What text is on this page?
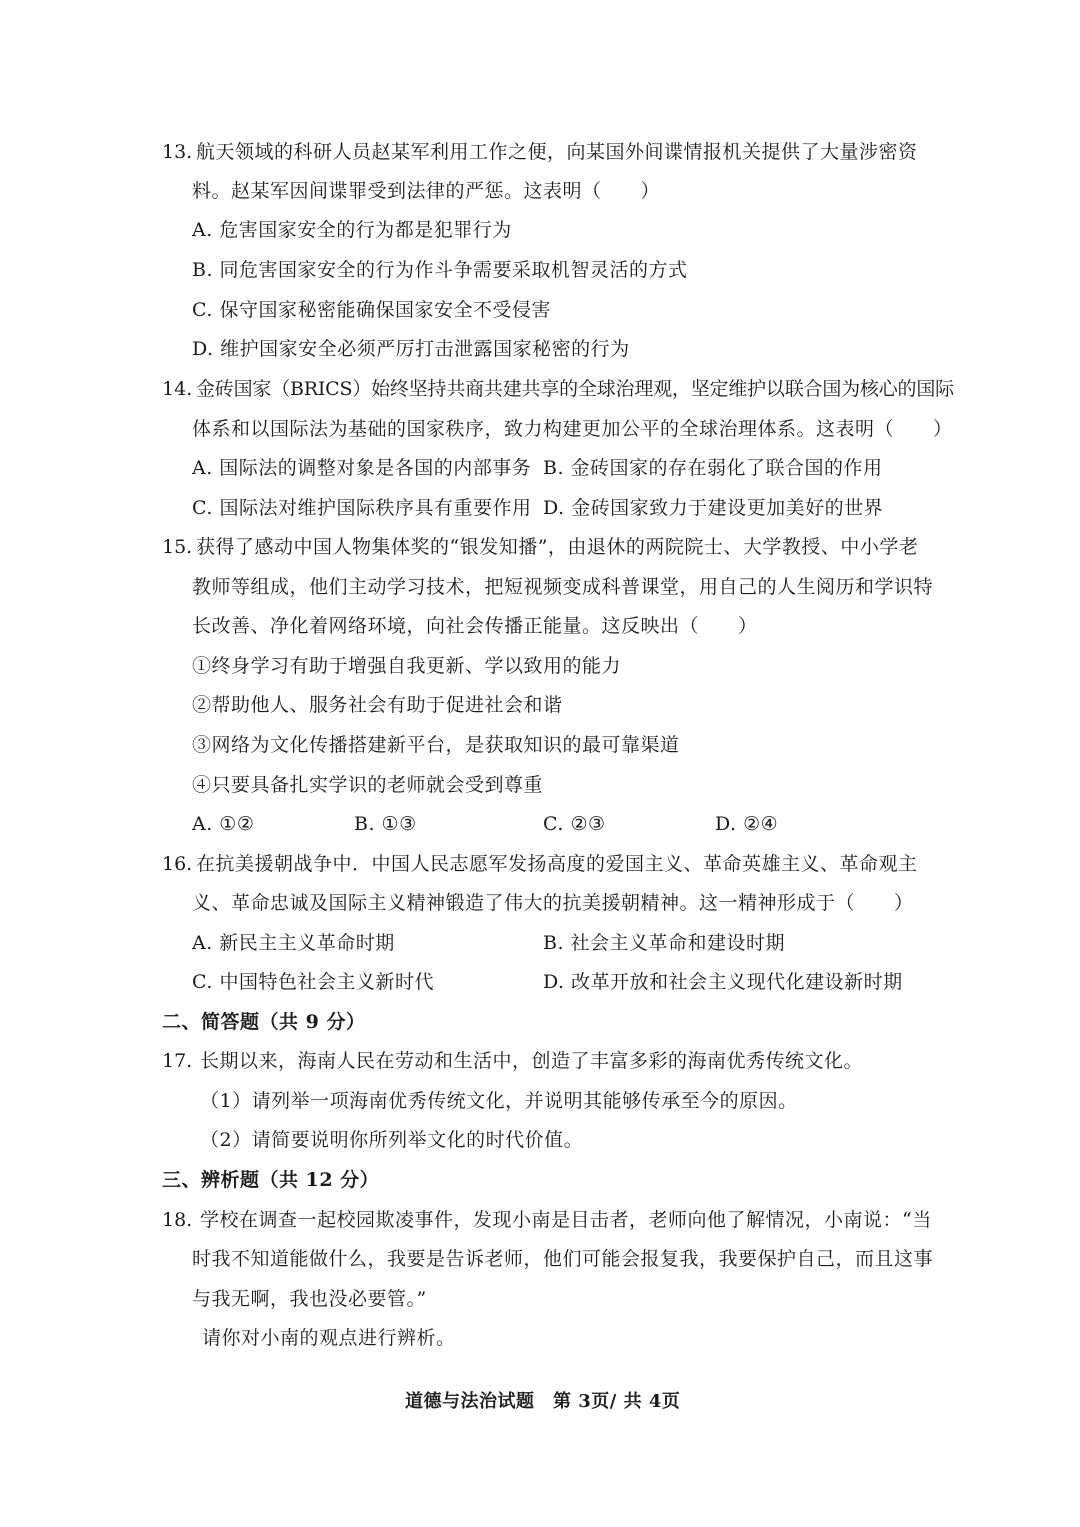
13. 航天领域的科研人员赵某军利用工作之便，向某国外间谍情报机关提供了大量涉密资
料。赵某军因间谍罪受到法律的严惩。这表明（　　）
A. 危害国家安全的行为都是犯罪行为
B. 同危害国家安全的行为作斗争需要采取机智灵活的方式
C. 保守国家秘密能确保国家安全不受侵害
D. 维护国家安全必须严厉打击泄露国家秘密的行为
14. 金砖国家（BRICS）始终坚持共商共建共享的全球治理观，坚定维护以联合国为核心的国际
体系和以国际法为基础的国家秩序，致力构建更加公平的全球治理体系。这表明（　　）
A. 国际法的调整对象是各国的内部事务 B. 金砖国家的存在弱化了联合国的作用
C. 国际法对维护国际秩序具有重要作用 D. 金砖国家致力于建设更加美好的世界
15. 获得了感动中国人物集体奖的“银发知播”，由退休的两院院士、大学教授、中小学老
教师等组成，他们主动学习技术，把短视频变成科普课堂，用自己的人生阅历和学识特
长改善、净化着网络环境，向社会传播正能量。这反映出（　　）
①终身学习有助于增强自我更新、学以致用的能力
②帮助他人、服务社会有助于促进社会和谐
③网络为文化传播搭建新平台，是获取知识的最可靠渠道
④只要具备扎实学识的老师就会受到尊重
A. ①②	B. ①③	C. ②③	D. ②④
16. 在抗美援朝战争中．中国人民志愿军发扬高度的爱国主义、革命英雄主义、革命观主
义、革命忠诚及国际主义精神锻造了伟大的抗美援朝精神。这一精神形成于（　　）
A. 新民主主义革命时期	B. 社会主义革命和建设时期
C. 中国特色社会主义新时代	D. 改革开放和社会主义现代化建设新时期
二、简答题（共 9 分）
17. 长期以来，海南人民在劳动和生活中，创造了丰富多彩的海南优秀传统文化。
（1）请列举一项海南优秀传统文化，并说明其能够传承至今的原因。
（2）请简要说明你所列举文化的时代价值。
三、辨析题（共 12 分）
18. 学校在调查一起校园欺凌事件，发现小南是目击者，老师向他了解情况，小南说：“当
时我不知道能做什么，我要是告诉老师，他们可能会报复我，我要保护自己，而且这事
与我无啊，我也没必要管。”
请你对小南的观点进行辨析。
道德与法治试题　第 3页/ 共 4页
